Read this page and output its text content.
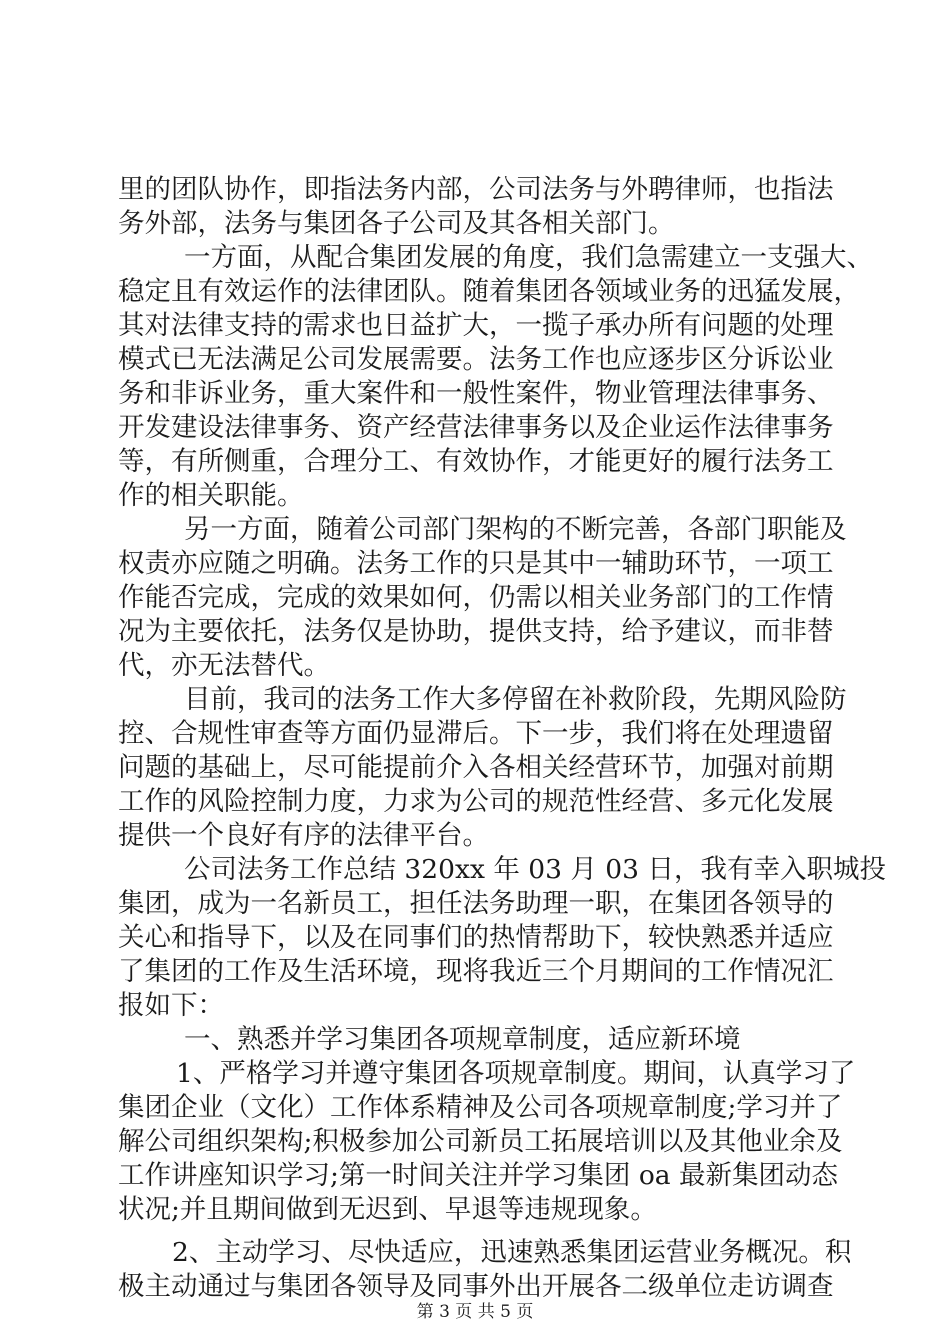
里的团队协作，即指法务内部，公司法务与外聘律师，也指法
务外部，法务与集团各子公司及其各相关部门。
一方面，从配合集团发展的角度，我们急需建立一支强大、
稳定且有效运作的法律团队。随着集团各领域业务的迅猛发展，
其对法律支持的需求也日益扩大，一揽子承办所有问题的处理
模式已无法满足公司发展需要。法务工作也应逐步区分诉讼业
务和非诉业务，重大案件和一般性案件，物业管理法律事务、
开发建设法律事务、资产经营法律事务以及企业运作法律事务
等，有所侧重，合理分工、有效协作，才能更好的履行法务工
作的相关职能。
另一方面，随着公司部门架构的不断完善，各部门职能及
权责亦应随之明确。法务工作的只是其中一辅助环节，一项工
作能否完成，完成的效果如何，仍需以相关业务部门的工作情
况为主要依托，法务仅是协助，提供支持，给予建议，而非替
代，亦无法替代。
目前，我司的法务工作大多停留在补救阶段，先期风险防
控、合规性审查等方面仍显滞后。下一步，我们将在处理遗留
问题的基础上，尽可能提前介入各相关经营环节，加强对前期
工作的风险控制力度，力求为公司的规范性经营、多元化发展
提供一个良好有序的法律平台。
公司法务工作总结 320xx 年 03 月 03 日，我有幸入职城投
集团，成为一名新员工，担任法务助理一职，在集团各领导的
关心和指导下，以及在同事们的热情帮助下，较快熟悉并适应
了集团的工作及生活环境，现将我近三个月期间的工作情况汇
报如下：
一、熟悉并学习集团各项规章制度，适应新环境
1、严格学习并遵守集团各项规章制度。期间，认真学习了
集团企业（文化）工作体系精神及公司各项规章制度;学习并了
解公司组织架构;积极参加公司新员工拓展培训以及其他业余及
工作讲座知识学习;第一时间关注并学习集团 oa 最新集团动态
状况;并且期间做到无迟到、早退等违规现象。
2、主动学习、尽快适应，迅速熟悉集团运营业务概况。积
极主动通过与集团各领导及同事外出开展各二级单位走访调查
第 3 页 共 5 页
